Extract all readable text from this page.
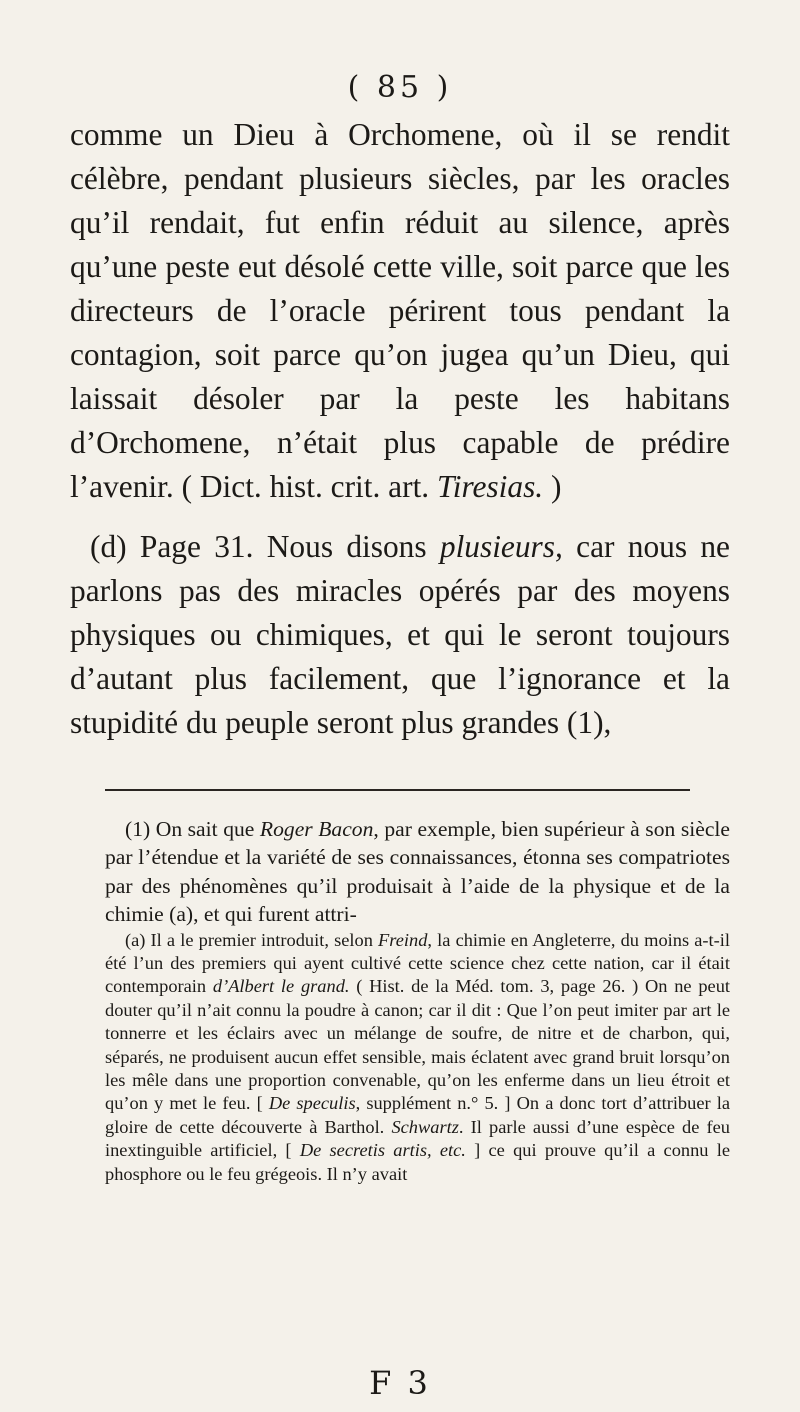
( 85 )

comme un Dieu à Orchomene, où il se rendit célèbre, pendant plusieurs siècles, par les oracles qu’il rendait, fut enfin réduit au silence, après qu’une peste eut désolé cette ville, soit parce que les directeurs de l’oracle périrent tous pendant la contagion, soit parce qu’on jugea qu’un Dieu, qui laissait désoler par la peste les habitans d’Orchomene, n’était plus capable de prédire l’avenir. ( Dict. hist. crit. art. Tiresias. )

(d) Page 31. Nous disons plusieurs, car nous ne parlons pas des miracles opérés par des moyens physiques ou chimiques, et qui le seront toujours d’autant plus facilement, que l’ignorance et la stupidité du peuple seront plus grandes (1),

(1) On sait que Roger Bacon, par exemple, bien supérieur à son siècle par l’étendue et la variété de ses connaissances, étonna ses compatriotes par des phénomènes qu’il produisait à l’aide de la physique et de la chimie (a), et qui furent attri-

(a) Il a le premier introduit, selon Freind, la chimie en Angleterre, du moins a-t-il été l’un des premiers qui ayent cultivé cette science chez cette nation, car il était contemporain d’Albert le grand. ( Hist. de la Méd. tom. 3, page 26. ) On ne peut douter qu’il n’ait connu la poudre à canon; car il dit : Que l’on peut imiter par art le tonnerre et les éclairs avec un mélange de soufre, de nitre et de charbon, qui, séparés, ne produisent aucun effet sensible, mais éclatent avec grand bruit lorsqu’on les mêle dans une proportion convenable, qu’on les enferme dans un lieu étroit et qu’on y met le feu. [ De speculis, supplément n.° 5. ] On a donc tort d’attribuer la gloire de cette découverte à Barthol. Schwartz. Il parle aussi d’une espèce de feu inextinguible artificiel, [ De secretis artis, etc. ] ce qui prouve qu’il a connu le phosphore ou le feu grégeois. Il n’y avait

F 3
